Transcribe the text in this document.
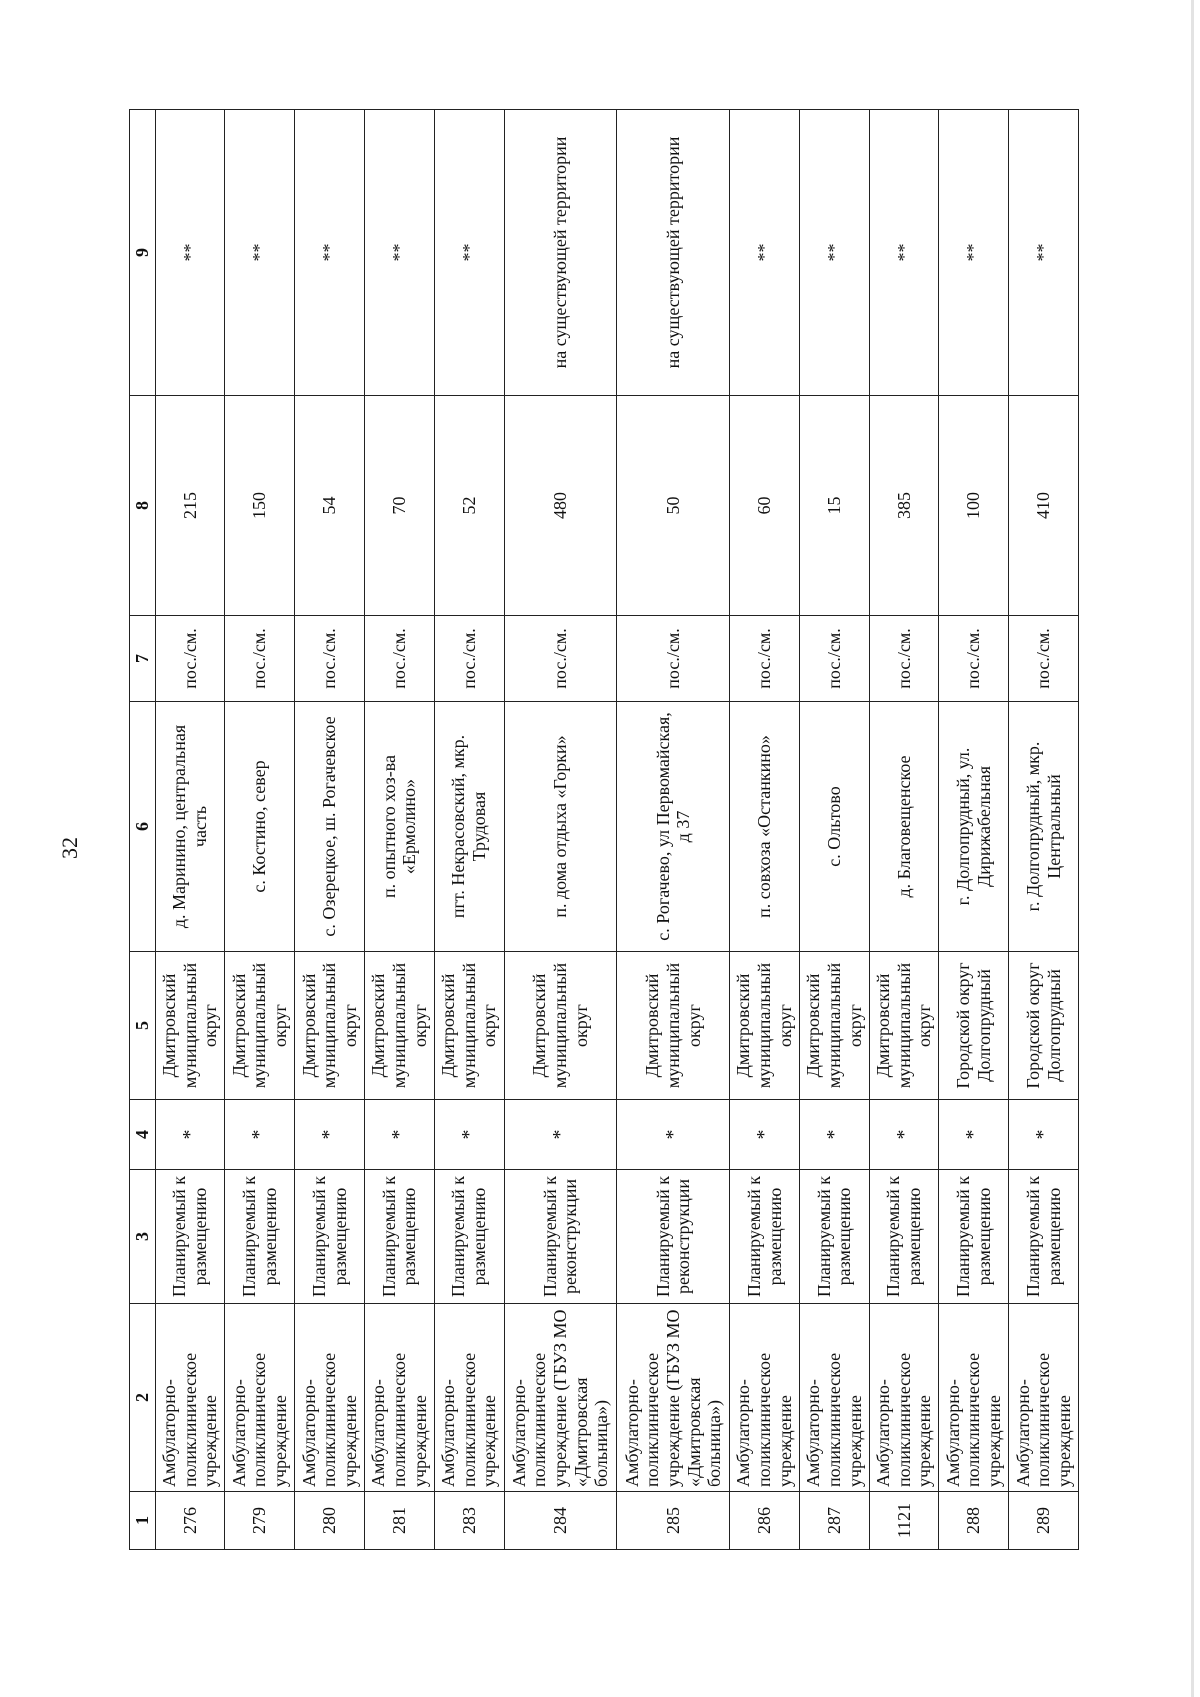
32
1	2	3	4	5	6	7	8	9
276	Амбулаторно-поликлиническое учреждение	Планируемый к размещению	*	Дмитровский муниципальный округ	д. Маринино, центральная часть	пос./см.	215	**
279	Амбулаторно-поликлиническое учреждение	Планируемый к размещению	*	Дмитровский муниципальный округ	с. Костино, север	пос./см.	150	**
280	Амбулаторно-поликлиническое учреждение	Планируемый к размещению	*	Дмитровский муниципальный округ	с. Озерецкое, ш. Рогачевское	пос./см.	54	**
281	Амбулаторно-поликлиническое учреждение	Планируемый к размещению	*	Дмитровский муниципальный округ	п. опытного хоз-ва «Ермолино»	пос./см.	70	**
283	Амбулаторно-поликлиническое учреждение	Планируемый к размещению	*	Дмитровский муниципальный округ	пгт. Некрасовский, мкр. Трудовая	пос./см.	52	**
284	Амбулаторно-поликлиническое учреждение (ГБУЗ МО «Дмитровская больница»)	Планируемый к реконструкции	*	Дмитровский муниципальный округ	п. дома отдыха «Горки»	пос./см.	480	на существующей территории
285	Амбулаторно-поликлиническое учреждение (ГБУЗ МО «Дмитровская больница»)	Планируемый к реконструкции	*	Дмитровский муниципальный округ	с. Рогачево, ул Первомайская, д 37	пос./см.	50	на существующей территории
286	Амбулаторно-поликлиническое учреждение	Планируемый к размещению	*	Дмитровский муниципальный округ	п. совхоза «Останкино»	пос./см.	60	**
287	Амбулаторно-поликлиническое учреждение	Планируемый к размещению	*	Дмитровский муниципальный округ	с. Ольтово	пос./см.	15	**
1121	Амбулаторно-поликлиническое учреждение	Планируемый к размещению	*	Дмитровский муниципальный округ	д. Благовещенское	пос./см.	385	**
288	Амбулаторно-поликлиническое учреждение	Планируемый к размещению	*	Городской округ Долгопрудный	г. Долгопрудный, ул. Дирижабельная	пос./см.	100	**
289	Амбулаторно-поликлиническое учреждение	Планируемый к размещению	*	Городской округ Долгопрудный	г. Долгопрудный, мкр. Центральный	пос./см.	410	**
